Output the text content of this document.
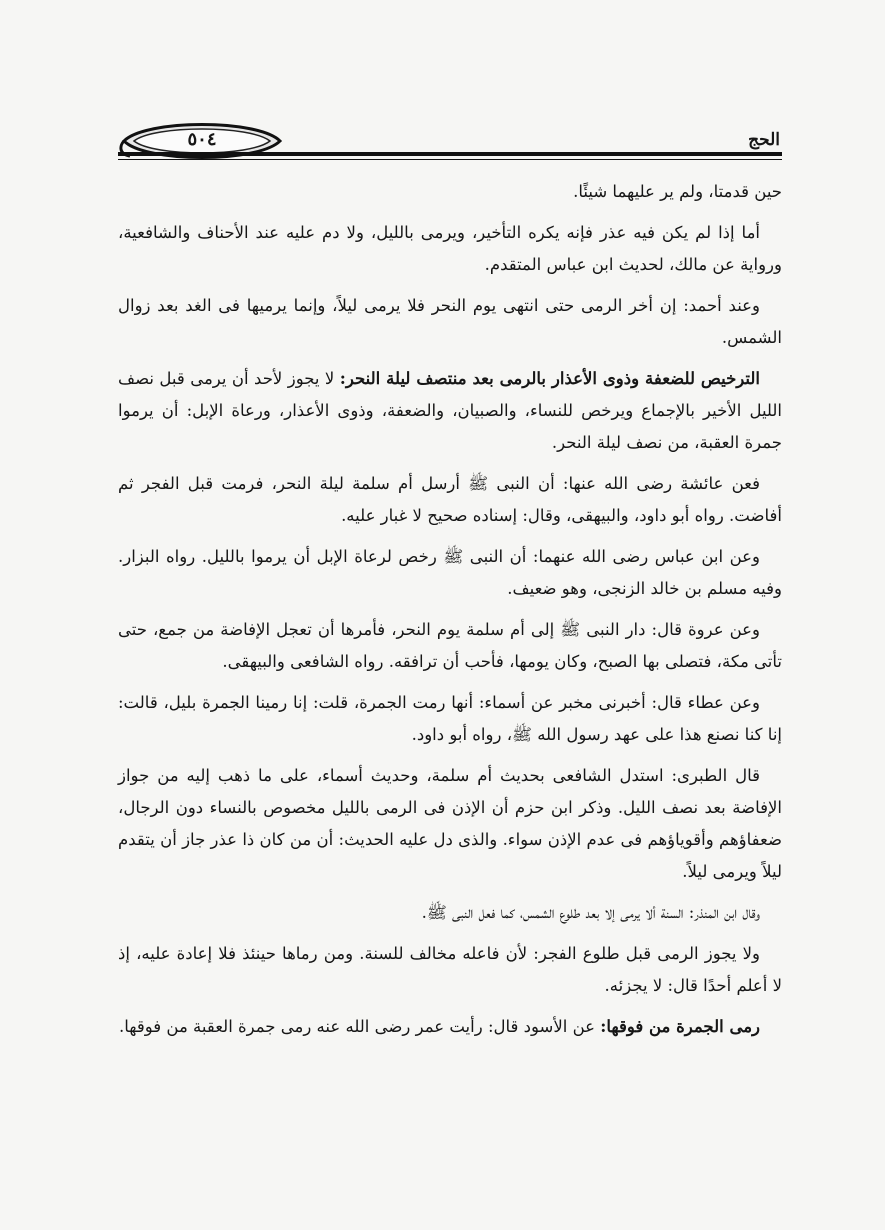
٥٠٤	الحج

حين قدمتا، ولم ير عليهما شيئًا.

أما إذا لم يكن فيه عذر فإنه يكره التأخير، ويرمى بالليل، ولا دم عليه عند الأحناف والشافعية، ورواية عن مالك، لحديث ابن عباس المتقدم.

وعند أحمد: إن أخر الرمى حتى انتهى يوم النحر فلا يرمى ليلاً، وإنما يرميها فى الغد بعد زوال الشمس.

الترخيص للضعفة وذوى الأعذار بالرمى بعد منتصف ليلة النحر: لا يجوز لأحد أن يرمى قبل نصف الليل الأخير بالإجماع ويرخص للنساء، والصبيان، والضعفة، وذوى الأعذار، ورعاة الإبل: أن يرموا جمرة العقبة، من نصف ليلة النحر.

فعن عائشة رضى الله عنها: أن النبى ﷺ أرسل أم سلمة ليلة النحر، فرمت قبل الفجر ثم أفاضت. رواه أبو داود، والبيهقى، وقال: إسناده صحيح لا غبار عليه.

وعن ابن عباس رضى الله عنهما: أن النبى ﷺ رخص لرعاة الإبل أن يرموا بالليل. رواه البزار. وفيه مسلم بن خالد الزنجى، وهو ضعيف.

وعن عروة قال: دار النبى ﷺ إلى أم سلمة يوم النحر، فأمرها أن تعجل الإفاضة من جمع، حتى تأتى مكة، فتصلى بها الصبح، وكان يومها، فأحب أن ترافقه. رواه الشافعى والبيهقى.

وعن عطاء قال: أخبرنى مخبر عن أسماء: أنها رمت الجمرة، قلت: إنا رمينا الجمرة بليل، قالت: إنا كنا نصنع هذا على عهد رسول الله ﷺ، رواه أبو داود.

قال الطبرى: استدل الشافعى بحديث أم سلمة، وحديث أسماء، على ما ذهب إليه من جواز الإفاضة بعد نصف الليل. وذكر ابن حزم أن الإذن فى الرمى بالليل مخصوص بالنساء دون الرجال، ضعفاؤهم وأقوياؤهم فى عدم الإذن سواء. والذى دل عليه الحديث: أن من كان ذا عذر جاز أن يتقدم ليلاً ويرمى ليلاً.

وقال ابن المنذر: السنة ألا يرمى إلا بعد طلوع الشمس، كما فعل النبى ﷺ.

ولا يجوز الرمى قبل طلوع الفجر: لأن فاعله مخالف للسنة. ومن رماها حينئذ فلا إعادة عليه، إذ لا أعلم أحدًا قال: لا يجزئه.

رمى الجمرة من فوقها: عن الأسود قال: رأيت عمر رضى الله عنه رمى جمرة العقبة من فوقها.
